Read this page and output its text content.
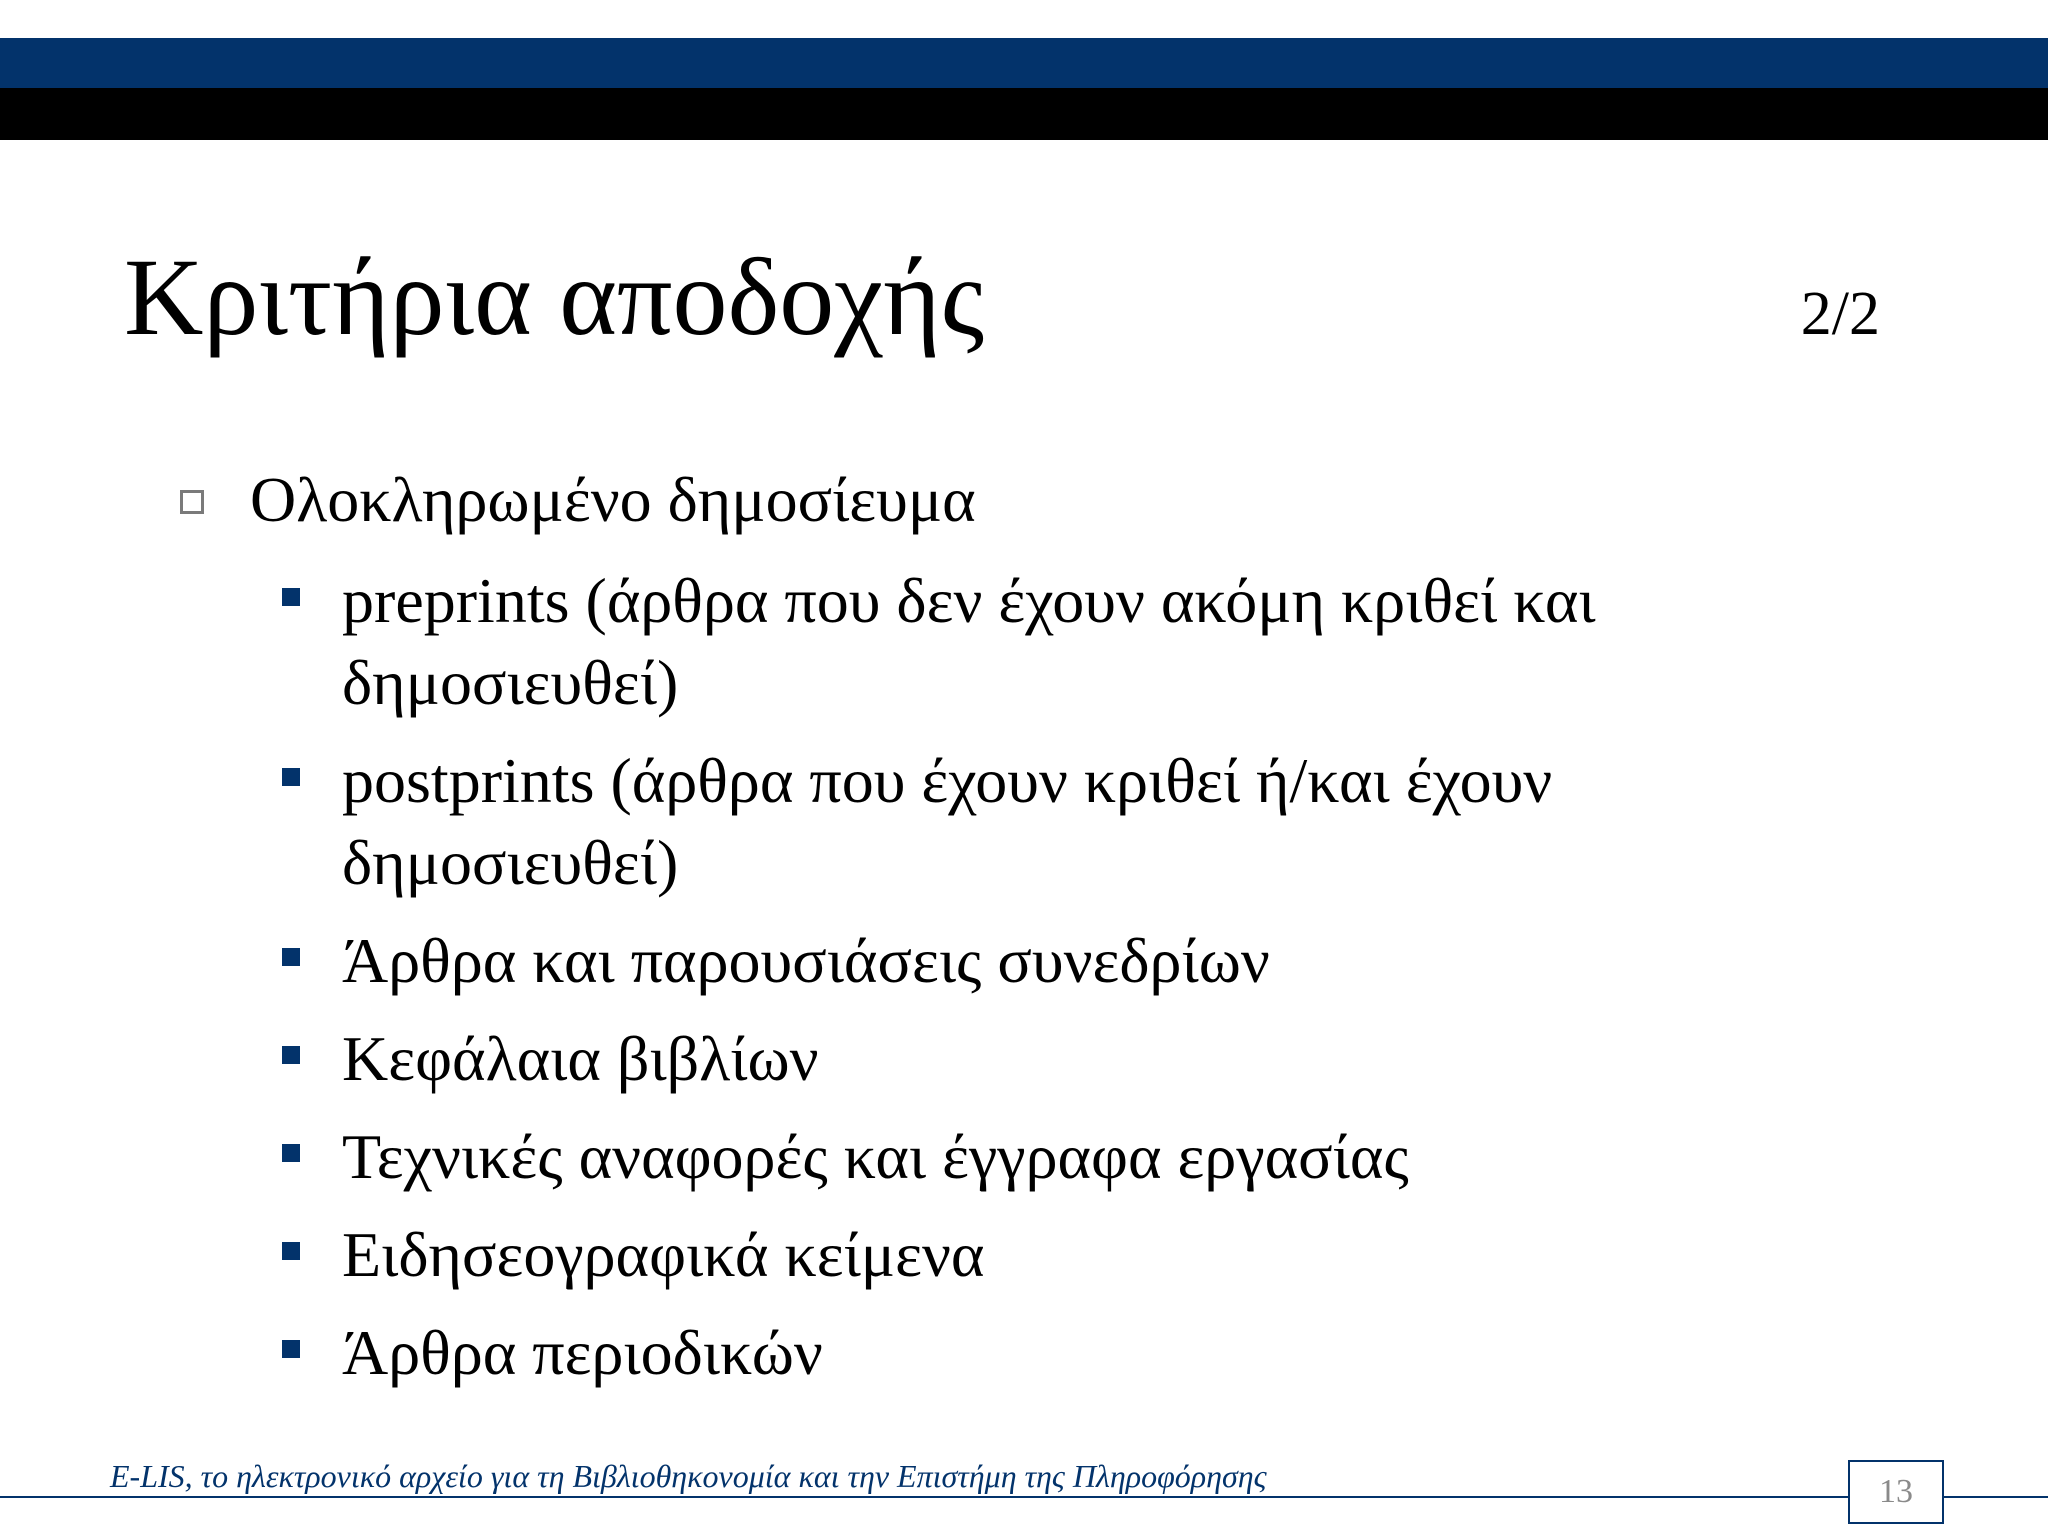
Κριτήρια αποδοχής	2/2
Ολοκληρωμένο δημοσίευμα
preprints (άρθρα που δεν έχουν ακόμη κριθεί και δημοσιευθεί)
postprints (άρθρα που έχουν κριθεί ή/και έχουν δημοσιευθεί)
Άρθρα και παρουσιάσεις συνεδρίων
Κεφάλαια βιβλίων
Τεχνικές αναφορές και έγγραφα εργασίας
Ειδησεογραφικά κείμενα
Άρθρα περιοδικών
E-LIS, το ηλεκτρονικό αρχείο για τη Βιβλιοθηκονομία και την Επιστήμη της Πληροφόρησης	13
